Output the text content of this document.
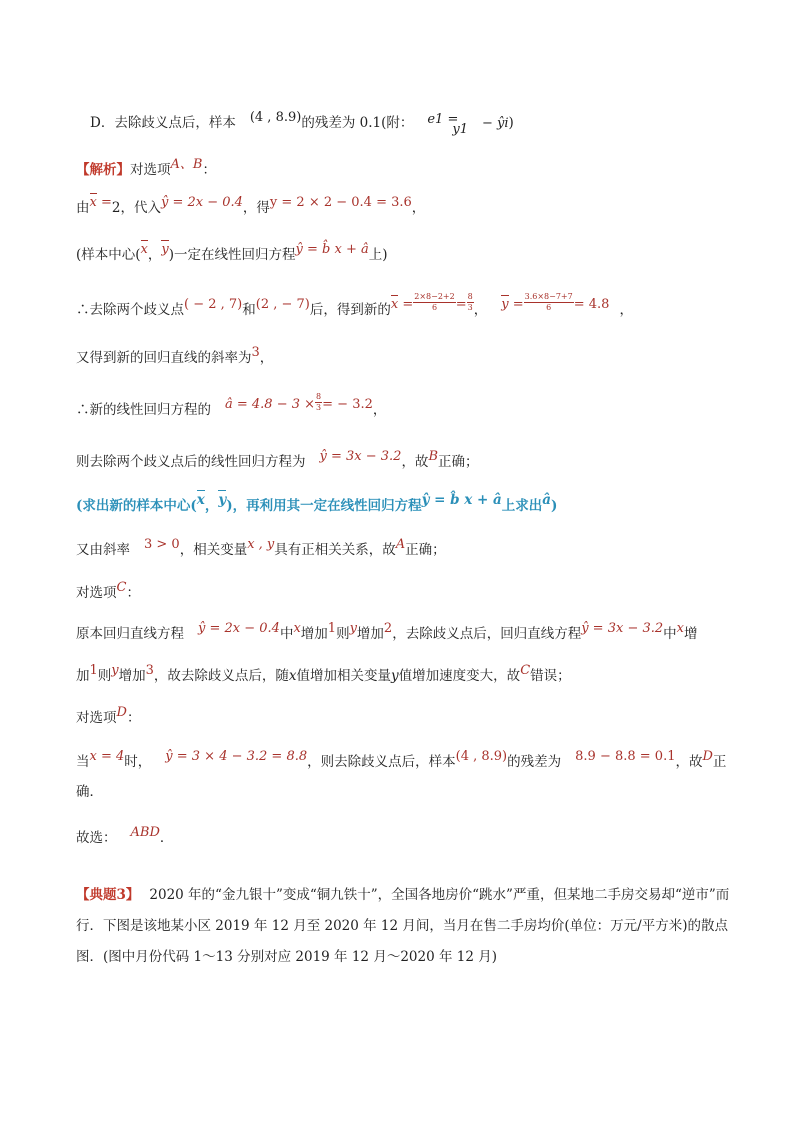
D．去除歧义点后，样本 (4 , 8.9)的残差为 0.1(附： e1 =y1 − ŷi)
【解析】对选项A、B：
由x =2，代入ŷ = 2x − 0.4，得y = 2 × 2 − 0.4 = 3.6，
(样本中心(x，y)一定在线性回归方程ŷ = b̂ x + â上)
∴去除两个歧义点( − 2 , 7)和(2 , − 7)后，得到新的$x = \frac{2\times 8-2+2}{6} = \frac{8}{3}$ ， $y = \frac{3.6\times 8-7+7}{6} = 4.8$ ，
又得到新的回归直线的斜率为3，
∴新的线性回归方程的 â = $4.8 - 3 \times \frac{8}{3}$ = − 3.2，
则去除两个歧义点后的线性回归方程为 ŷ = 3x − 3.2，故B正确；
(求出新的样本中心(x，y)，再利用其一定在线性回归方程ŷ = b̂ x + â上求出â)
又由斜率 3 > 0，相关变量x , y具有正相关关系，故A正确；
对选项C：
原本回归直线方程 ŷ = 2x − 0.4中x增加1则y增加2，去除歧义点后，回归直线方程ŷ = 3x − 3.2中x增
加1则y增加3，故去除歧义点后，随x值增加相关变量y值增加速度变大，故C错误；
对选项D：
当x = 4时， ŷ = 3 × 4 − 3.2 = 8.8，则去除歧义点后，样本(4 , 8.9)的残差为 8.9 − 8.8 = 0.1，故D正
确．
故选： ABD．
【典题3】 2020 年的“金九银十”变成“铜九铁十”，全国各地房价“跳水”严重，但某地二手房交易却“逆市”而行．下图是该地某小区 2019 年 12 月至 2020 年 12 月间，当月在售二手房均价(单位：万元/平方米)的散点图．(图中月份代码 1～13 分别对应 2019 年 12 月～2020 年 12 月)
